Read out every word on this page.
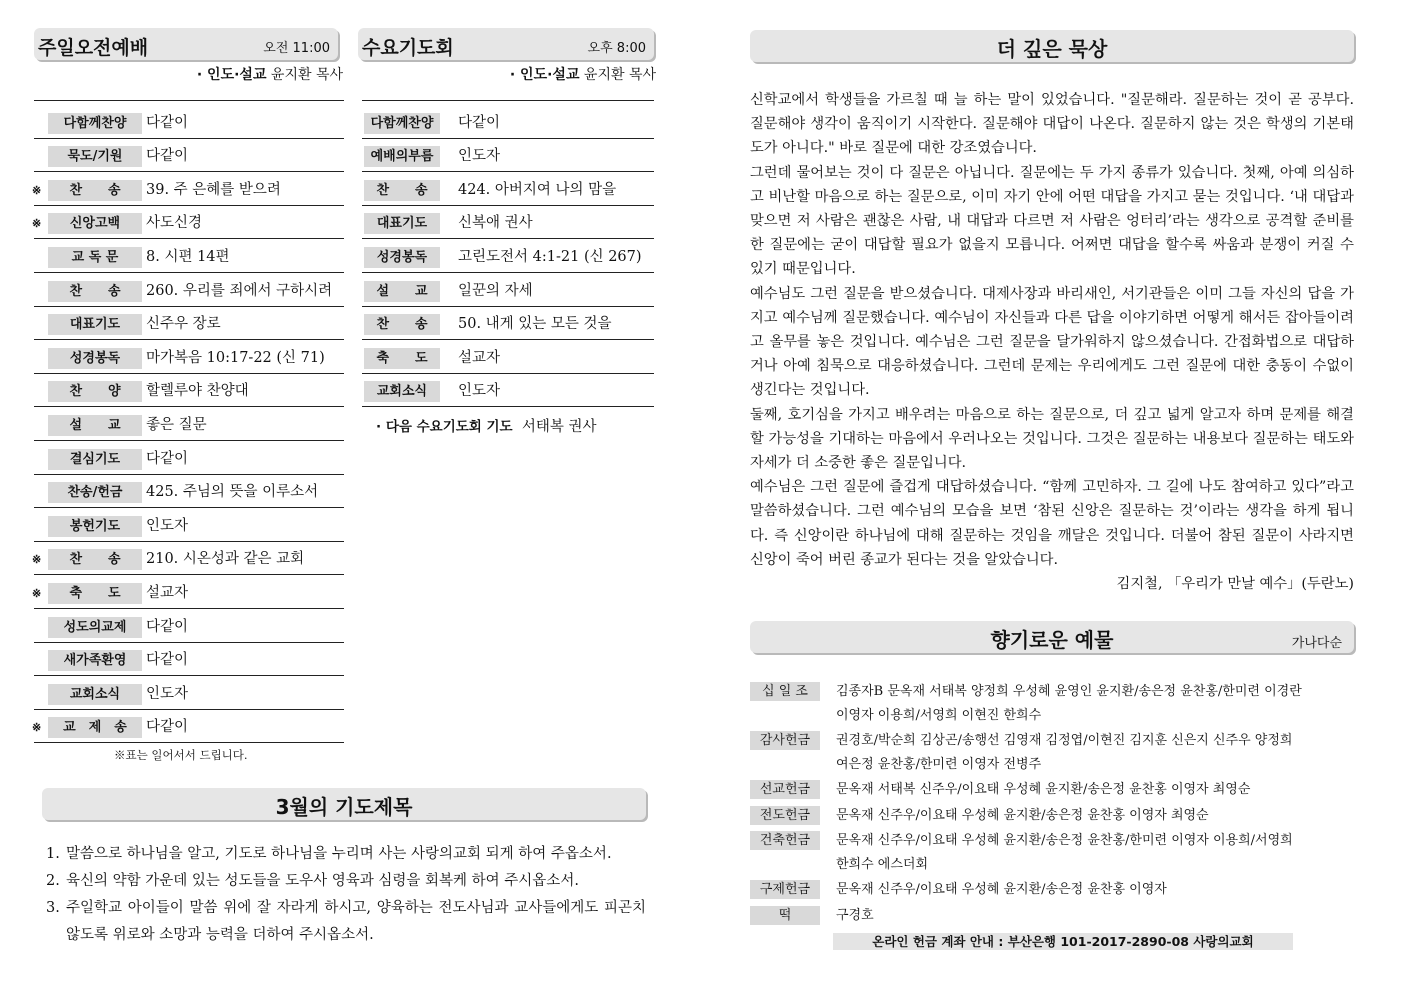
주일오전예배	오전 11:00
· 인도·설교 윤지환 목사
다함께찬양	다같이
묵도/기원	다같이
※	찬　　송	39. 주 은혜를 받으려
※	신앙고백	사도신경
교 독 문	8. 시편 14편
찬　　송	260. 우리를 죄에서 구하시려
대표기도	신주우 장로
성경봉독	마가복음 10:17-22 (신 71)
찬　　양	할렐루야 찬양대
설　　교	좋은 질문
결심기도	다같이
찬송/헌금	425. 주님의 뜻을 이루소서
봉헌기도	인도자
※	찬　　송	210. 시온성과 같은 교회
※	축　　도	설교자
성도의교제	다같이
새가족환영	다같이
교회소식	인도자
※	교　제　송	다같이
※표는 일어서서 드립니다.
수요기도회	오후 8:00
· 인도·설교 윤지환 목사
다함께찬양	다같이
예배의부름	인도자
찬　　송	424. 아버지여 나의 맘을
대표기도	신복애 권사
성경봉독	고린도전서 4:1-21 (신 267)
설　　교	일꾼의 자세
찬　　송	50. 내게 있는 모든 것을
축　　도	설교자
교회소식	인도자
· 다음 수요기도회 기도 서태복 권사
3월의 기도제목
1. 말씀으로 하나님을 알고, 기도로 하나님을 누리며 사는 사랑의교회 되게 하여 주옵소서.
2. 육신의 약함 가운데 있는 성도들을 도우사 영육과 심령을 회복케 하여 주시옵소서.
3. 주일학교 아이들이 말씀 위에 잘 자라게 하시고, 양육하는 전도사님과 교사들에게도 피곤치 않도록 위로와 소망과 능력을 더하여 주시옵소서.
더 깊은 묵상

신학교에서 학생들을 가르칠 때 늘 하는 말이 있었습니다. "질문해라. 질문하는 것이 곧 공부다. 질문해야 생각이 움직이기 시작한다. 질문해야 대답이 나온다. 질문하지 않는 것은 학생의 기본태도가 아니다." 바로 질문에 대한 강조였습니다.

그런데 물어보는 것이 다 질문은 아닙니다. 질문에는 두 가지 종류가 있습니다. 첫째, 아예 의심하고 비난할 마음으로 하는 질문으로, 이미 자기 안에 어떤 대답을 가지고 묻는 것입니다. ‘내 대답과 맞으면 저 사람은 괜찮은 사람, 내 대답과 다르면 저 사람은 엉터리’라는 생각으로 공격할 준비를 한 질문에는 굳이 대답할 필요가 없을지 모릅니다. 어쩌면 대답을 할수록 싸움과 분쟁이 커질 수 있기 때문입니다.

예수님도 그런 질문을 받으셨습니다. 대제사장과 바리새인, 서기관들은 이미 그들 자신의 답을 가지고 예수님께 질문했습니다. 예수님이 자신들과 다른 답을 이야기하면 어떻게 해서든 잡아들이려고 올무를 놓은 것입니다. 예수님은 그런 질문을 달가워하지 않으셨습니다. 간접화법으로 대답하거나 아예 침묵으로 대응하셨습니다. 그런데 문제는 우리에게도 그런 질문에 대한 충동이 수없이 생긴다는 것입니다.

둘째, 호기심을 가지고 배우려는 마음으로 하는 질문으로, 더 깊고 넓게 알고자 하며 문제를 해결할 가능성을 기대하는 마음에서 우러나오는 것입니다. 그것은 질문하는 내용보다 질문하는 태도와 자세가 더 소중한 좋은 질문입니다.

예수님은 그런 질문에 즐겁게 대답하셨습니다. “함께 고민하자. 그 길에 나도 참여하고 있다”라고 말씀하셨습니다. 그런 예수님의 모습을 보면 ‘참된 신앙은 질문하는 것’이라는 생각을 하게 됩니다. 즉 신앙이란 하나님에 대해 질문하는 것임을 깨달은 것입니다. 더불어 참된 질문이 사라지면 신앙이 죽어 버린 종교가 된다는 것을 알았습니다.

김지철, 「우리가 만날 예수」(두란노)

향기로운 예물	가나다순
십 일 조	김종자B 문옥재 서태복 양정희 우성혜 윤영인 윤지환/송은정 윤찬홍/한미련 이경란
이영자 이용희/서영희 이현진 한희수
감사헌금	권경호/박순희 김상곤/송행선 김영재 김정엽/이현진 김지훈 신은지 신주우 양정희
여은정 윤찬홍/한미련 이영자 전병주
선교헌금	문옥재 서태복 신주우/이요태 우성혜 윤지환/송은정 윤찬홍 이영자 최영순
전도헌금	문옥재 신주우/이요태 우성혜 윤지환/송은정 윤찬홍 이영자 최영순
건축헌금	문옥재 신주우/이요태 우성혜 윤지환/송은정 윤찬홍/한미련 이영자 이용희/서영희
한희수 에스더회
구제헌금	문옥재 신주우/이요태 우성혜 윤지환/송은정 윤찬홍 이영자
떡	구경호
온라인 헌금 계좌 안내 : 부산은행 101-2017-2890-08 사랑의교회
